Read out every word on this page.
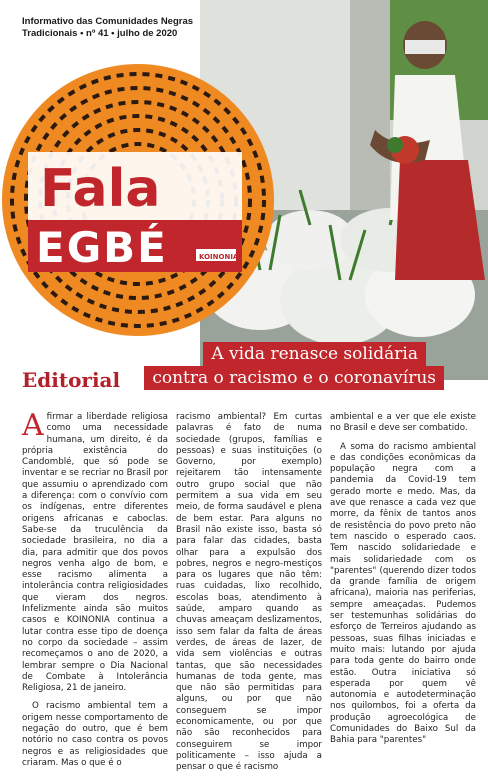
Informativo das Comunidades Negras
Tradicionais • nº 41 • julho de 2020
Fala
EGBÉ	KOINONIA
A vida renasce solidária
contra o racismo e o coronavírus
Editorial

Afirmar a liberdade religiosa como uma necessidade humana, um direito, é da própria existência do Candomblé, que só pode se inventar e se recriar no Brasil por que assumiu o aprendizado com a diferença: com o convívio com os indígenas, entre diferentes origens africanas e caboclas. Sabe-se da truculência da sociedade brasileira, no dia a dia, para admitir que dos povos negros venha algo de bom, e esse racismo alimenta a intolerância contra religiosidades que vieram dos negros. Infelizmente ainda são muitos casos e KOINONIA continua a lutar contra esse tipo de doença no corpo da sociedade – assim recomeçamos o ano de 2020, a lembrar sempre o Dia Nacional de Combate à Intolerância Religiosa, 21 de janeiro.

O racismo ambiental tem a origem nesse comportamento de negação do outro, que é bem notório no caso contra os povos negros e as religiosidades que criaram. Mas o que é o

racismo ambiental? Em curtas palavras é fato de numa sociedade (grupos, famílias e pessoas) e suas instituições (o Governo, por exemplo) rejeitarem tão intensamente outro grupo social que não permitem a sua vida em seu meio, de forma saudável e plena de bem estar. Para alguns no Brasil não existe isso, basta só para falar das cidades, basta olhar para a expulsão dos pobres, negros e negro-mestiços para os lugares que não têm: ruas cuidadas, lixo recolhido, escolas boas, atendimento à saúde, amparo quando as chuvas ameaçam deslizamentos, isso sem falar da falta de áreas verdes, de áreas de lazer, de vida sem violências e outras tantas, que são necessidades humanas de toda gente, mas que não são permitidas para alguns, ou por que não conseguem se impor economicamente, ou por que não são reconhecidos para conseguirem se impor politicamente – isso ajuda a pensar o que é racismo

ambiental e a ver que ele existe no Brasil e deve ser combatido.

A soma do racismo ambiental e das condições econômicas da população negra com a pandemia da Covid-19 tem gerado morte e medo. Mas, da ave que renasce a cada vez que morre, da fênix de tantos anos de resistência do povo preto não tem nascido o esperado caos. Tem nascido solidariedade e mais solidariedade com os "parentes" (querendo dizer todos da grande família de origem africana), maioria nas periferias, sempre ameaçadas. Pudemos ser testemunhas solidárias do esforço de Terreiros ajudando as pessoas, suas filhas iniciadas e muito mais: lutando por ajuda para toda gente do bairro onde estão. Outra iniciativa só esperada por quem vê autonomia e autodeterminação nos quilombos, foi a oferta da produção agroecológica de Comunidades do Baixo Sul da Bahia para "parentes"
